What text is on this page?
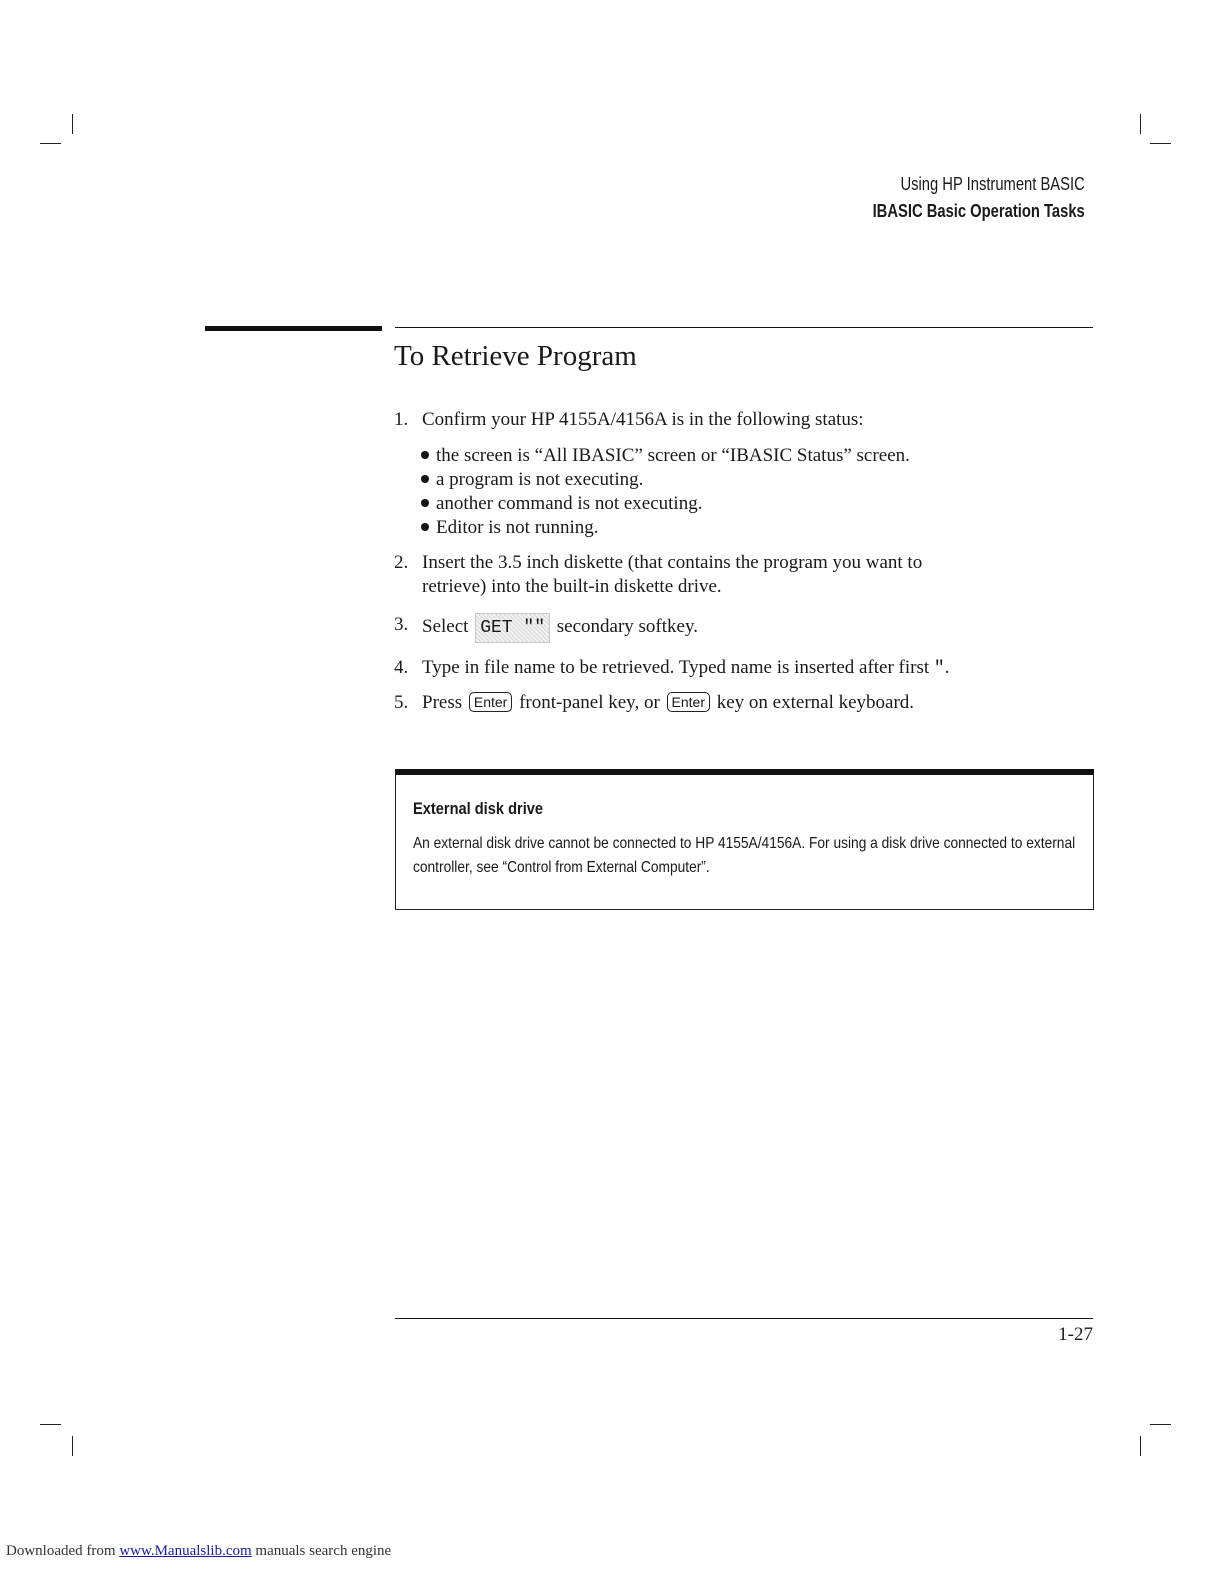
Using HP Instrument BASIC
IBASIC Basic Operation Tasks
To Retrieve Program
1. Confirm your HP 4155A/4156A is in the following status:
the screen is “All IBASIC” screen or “IBASIC Status” screen.
a program is not executing.
another command is not executing.
Editor is not running.
2. Insert the 3.5 inch diskette (that contains the program you want to
retrieve) into the built-in diskette drive.
3. Select GET "" secondary softkey.
4. Type in file name to be retrieved. Typed name is inserted after first ".
5. Press Enter front-panel key, or Enter key on external keyboard.
External disk drive
An external disk drive cannot be connected to HP 4155A/4156A. For using a disk drive connected to external controller, see “Control from External Computer”.
1-27
Downloaded from www.Manualslib.com manuals search engine
